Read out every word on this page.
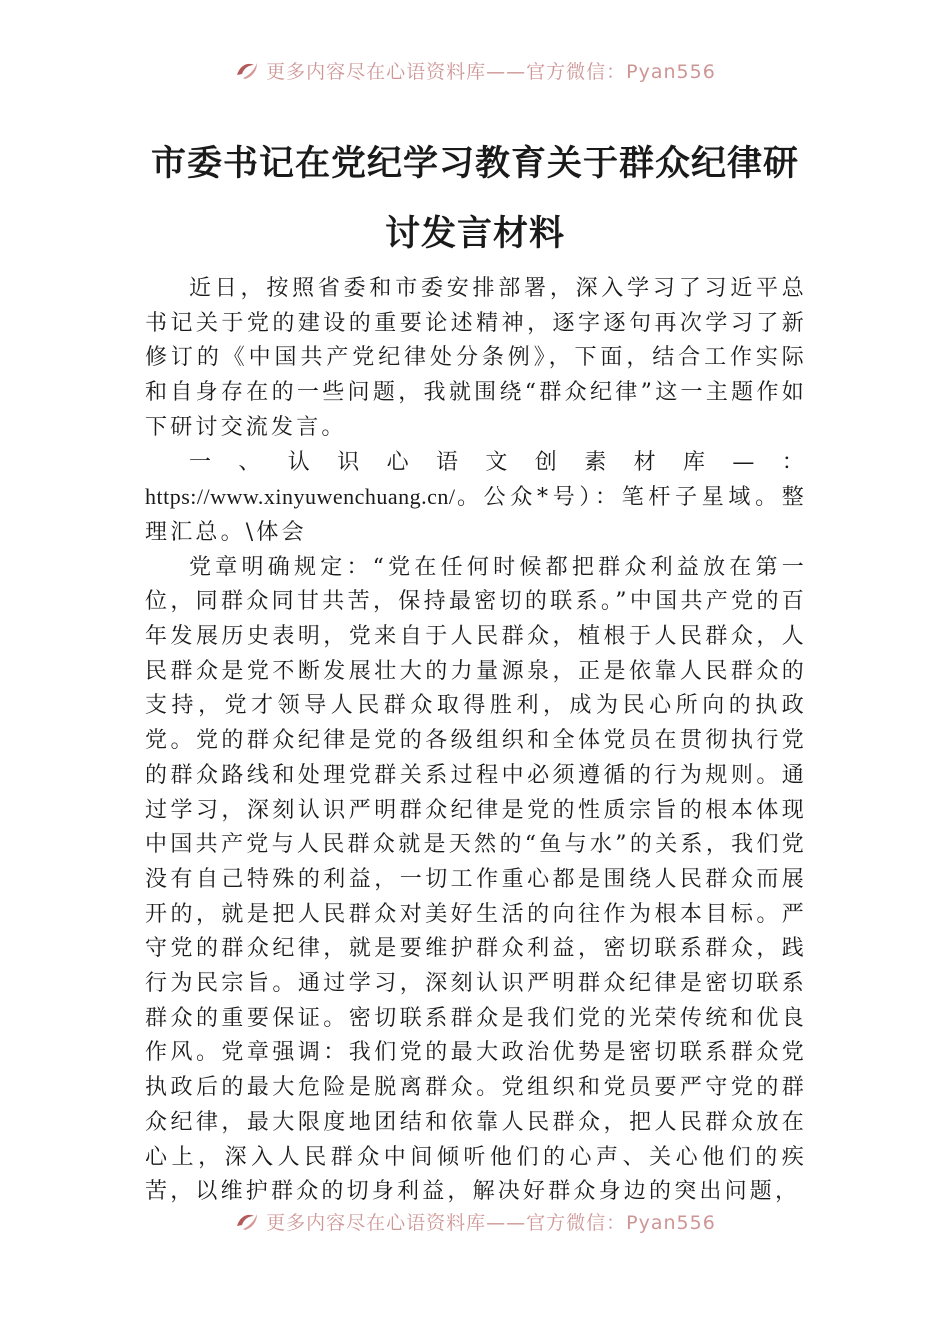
更多内容尽在心语资料库——官方微信：Pyan556
市委书记在党纪学习教育关于群众纪律研
讨发言材料

近日，按照省委和市委安排部署，深入学习了习近平总书记关于党的建设的重要论述精神，逐字逐句再次学习了新修订的《中国共产党纪律处分条例》，下面，结合工作实际和自身存在的一些问题，我就围绕“群众纪律”这一主题作如下研讨交流发言。

一、认识心语文创素材库—：https://www.xinyuwenchuang.cn/。公众*号）：笔杆子星域。整理汇总。\体会

党章明确规定：“党在任何时候都把群众利益放在第一位，同群众同甘共苦，保持最密切的联系。”中国共产党的百年发展历史表明，党来自于人民群众，植根于人民群众，人民群众是党不断发展壮大的力量源泉，正是依靠人民群众的支持，党才领导人民群众取得胜利，成为民心所向的执政党。党的群众纪律是党的各级组织和全体党员在贯彻执行党的群众路线和处理党群关系过程中必须遵循的行为规则。通过学习，深刻认识严明群众纪律是党的性质宗旨的根本体现中国共产党与人民群众就是天然的“鱼与水”的关系，我们党没有自己特殊的利益，一切工作重心都是围绕人民群众而展开的，就是把人民群众对美好生活的向往作为根本目标。严守党的群众纪律，就是要维护群众利益，密切联系群众，践行为民宗旨。通过学习，深刻认识严明群众纪律是密切联系群众的重要保证。密切联系群众是我们党的光荣传统和优良作风。党章强调：我们党的最大政治优势是密切联系群众党执政后的最大危险是脱离群众。党组织和党员要严守党的群众纪律，最大限度地团结和依靠人民群众，把人民群众放在心上，深入人民群众中间倾听他们的心声、关心他们的疾苦，以维护群众的切身利益，解决好群众身边的突出问题，

更多内容尽在心语资料库——官方微信：Pyan556
